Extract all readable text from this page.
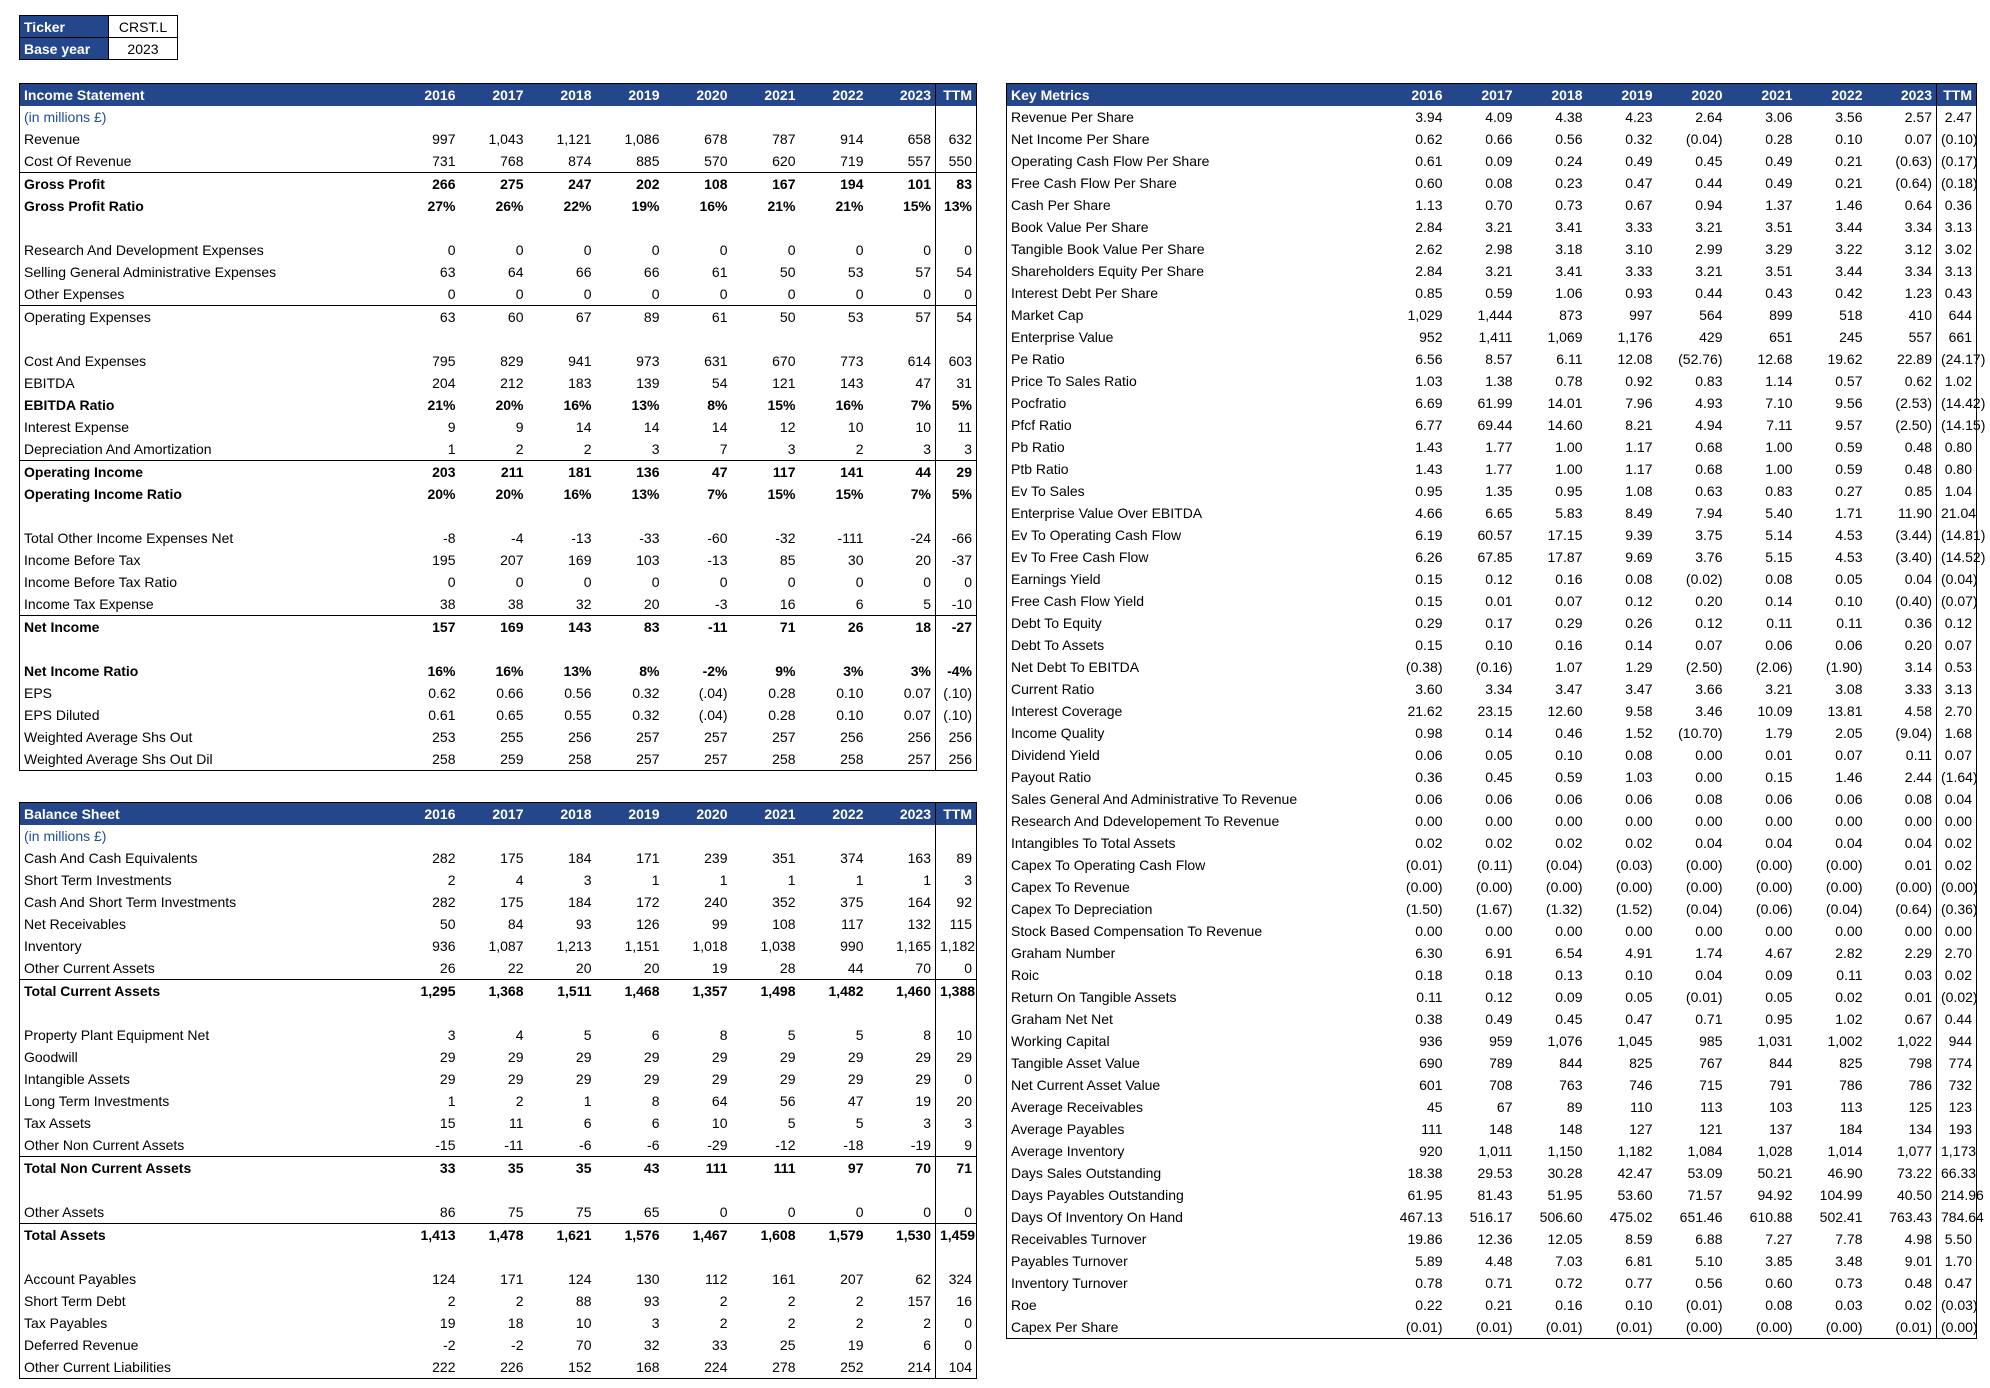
Ticker	CRST.L
Base year	2023
Income Statement	2016	2017	2018	2019	2020	2021	2022	2023	TTM
(in millions £)									
Revenue	997	1,043	1,121	1,086	678	787	914	658	632
Cost Of Revenue	731	768	874	885	570	620	719	557	550
Gross Profit	266	275	247	202	108	167	194	101	83
Gross Profit Ratio	27%	26%	22%	19%	16%	21%	21%	15%	13%

Research And Development Expenses	0	0	0	0	0	0	0	0	0
Selling General Administrative Expenses	63	64	66	66	61	50	53	57	54
Other Expenses	0	0	0	0	0	0	0	0	0
Operating Expenses	63	60	67	89	61	50	53	57	54

Cost And Expenses	795	829	941	973	631	670	773	614	603
EBITDA	204	212	183	139	54	121	143	47	31
EBITDA Ratio	21%	20%	16%	13%	8%	15%	16%	7%	5%
Interest Expense	9	9	14	14	14	12	10	10	11
Depreciation And Amortization	1	2	2	3	7	3	2	3	3
Operating Income	203	211	181	136	47	117	141	44	29
Operating Income Ratio	20%	20%	16%	13%	7%	15%	15%	7%	5%

Total Other Income Expenses Net	-8	-4	-13	-33	-60	-32	-111	-24	-66
Income Before Tax	195	207	169	103	-13	85	30	20	-37
Income Before Tax Ratio	0	0	0	0	0	0	0	0	0
Income Tax Expense	38	38	32	20	-3	16	6	5	-10
Net Income	157	169	143	83	-11	71	26	18	-27

Net Income Ratio	16%	16%	13%	8%	-2%	9%	3%	3%	-4%
EPS	0.62	0.66	0.56	0.32	(.04)	0.28	0.10	0.07	(.10)
EPS Diluted	0.61	0.65	0.55	0.32	(.04)	0.28	0.10	0.07	(.10)
Weighted Average Shs Out	253	255	256	257	257	257	256	256	256
Weighted Average Shs Out Dil	258	259	258	257	257	258	258	257	256
Balance Sheet	2016	2017	2018	2019	2020	2021	2022	2023	TTM
(in millions £)									
Cash And Cash Equivalents	282	175	184	171	239	351	374	163	89
Short Term Investments	2	4	3	1	1	1	1	1	3
Cash And Short Term Investments	282	175	184	172	240	352	375	164	92
Net Receivables	50	84	93	126	99	108	117	132	115
Inventory	936	1,087	1,213	1,151	1,018	1,038	990	1,165	1,182
Other Current Assets	26	22	20	20	19	28	44	70	0
Total Current Assets	1,295	1,368	1,511	1,468	1,357	1,498	1,482	1,460	1,388

Property Plant Equipment Net	3	4	5	6	8	5	5	8	10
Goodwill	29	29	29	29	29	29	29	29	29
Intangible Assets	29	29	29	29	29	29	29	29	0
Long Term Investments	1	2	1	8	64	56	47	19	20
Tax Assets	15	11	6	6	10	5	5	3	3
Other Non Current Assets	-15	-11	-6	-6	-29	-12	-18	-19	9
Total Non Current Assets	33	35	35	43	111	111	97	70	71

Other Assets	86	75	75	65	0	0	0	0	0
Total Assets	1,413	1,478	1,621	1,576	1,467	1,608	1,579	1,530	1,459

Account Payables	124	171	124	130	112	161	207	62	324
Short Term Debt	2	2	88	93	2	2	2	157	16
Tax Payables	19	18	10	3	2	2	2	2	0
Deferred Revenue	-2	-2	70	32	33	25	19	6	0
Other Current Liabilities	222	226	152	168	224	278	252	214	104
Key Metrics	2016	2017	2018	2019	2020	2021	2022	2023	TTM
Revenue Per Share	3.94	4.09	4.38	4.23	2.64	3.06	3.56	2.57	2.47
Net Income Per Share	0.62	0.66	0.56	0.32	(0.04)	0.28	0.10	0.07	(0.10)
Operating Cash Flow Per Share	0.61	0.09	0.24	0.49	0.45	0.49	0.21	(0.63)	(0.17)
Free Cash Flow Per Share	0.60	0.08	0.23	0.47	0.44	0.49	0.21	(0.64)	(0.18)
Cash Per Share	1.13	0.70	0.73	0.67	0.94	1.37	1.46	0.64	0.36
Book Value Per Share	2.84	3.21	3.41	3.33	3.21	3.51	3.44	3.34	3.13
Tangible Book Value Per Share	2.62	2.98	3.18	3.10	2.99	3.29	3.22	3.12	3.02
Shareholders Equity Per Share	2.84	3.21	3.41	3.33	3.21	3.51	3.44	3.34	3.13
Interest Debt Per Share	0.85	0.59	1.06	0.93	0.44	0.43	0.42	1.23	0.43
Market Cap	1,029	1,444	873	997	564	899	518	410	644
Enterprise Value	952	1,411	1,069	1,176	429	651	245	557	661
Pe Ratio	6.56	8.57	6.11	12.08	(52.76)	12.68	19.62	22.89	(24.17)
Price To Sales Ratio	1.03	1.38	0.78	0.92	0.83	1.14	0.57	0.62	1.02
Pocfratio	6.69	61.99	14.01	7.96	4.93	7.10	9.56	(2.53)	(14.42)
Pfcf Ratio	6.77	69.44	14.60	8.21	4.94	7.11	9.57	(2.50)	(14.15)
Pb Ratio	1.43	1.77	1.00	1.17	0.68	1.00	0.59	0.48	0.80
Ptb Ratio	1.43	1.77	1.00	1.17	0.68	1.00	0.59	0.48	0.80
Ev To Sales	0.95	1.35	0.95	1.08	0.63	0.83	0.27	0.85	1.04
Enterprise Value Over EBITDA	4.66	6.65	5.83	8.49	7.94	5.40	1.71	11.90	21.04
Ev To Operating Cash Flow	6.19	60.57	17.15	9.39	3.75	5.14	4.53	(3.44)	(14.81)
Ev To Free Cash Flow	6.26	67.85	17.87	9.69	3.76	5.15	4.53	(3.40)	(14.52)
Earnings Yield	0.15	0.12	0.16	0.08	(0.02)	0.08	0.05	0.04	(0.04)
Free Cash Flow Yield	0.15	0.01	0.07	0.12	0.20	0.14	0.10	(0.40)	(0.07)
Debt To Equity	0.29	0.17	0.29	0.26	0.12	0.11	0.11	0.36	0.12
Debt To Assets	0.15	0.10	0.16	0.14	0.07	0.06	0.06	0.20	0.07
Net Debt To EBITDA	(0.38)	(0.16)	1.07	1.29	(2.50)	(2.06)	(1.90)	3.14	0.53
Current Ratio	3.60	3.34	3.47	3.47	3.66	3.21	3.08	3.33	3.13
Interest Coverage	21.62	23.15	12.60	9.58	3.46	10.09	13.81	4.58	2.70
Income Quality	0.98	0.14	0.46	1.52	(10.70)	1.79	2.05	(9.04)	1.68
Dividend Yield	0.06	0.05	0.10	0.08	0.00	0.01	0.07	0.11	0.07
Payout Ratio	0.36	0.45	0.59	1.03	0.00	0.15	1.46	2.44	(1.64)
Sales General And Administrative To Revenue	0.06	0.06	0.06	0.06	0.08	0.06	0.06	0.08	0.04
Research And Ddevelopement To Revenue	0.00	0.00	0.00	0.00	0.00	0.00	0.00	0.00	0.00
Intangibles To Total Assets	0.02	0.02	0.02	0.02	0.04	0.04	0.04	0.04	0.02
Capex To Operating Cash Flow	(0.01)	(0.11)	(0.04)	(0.03)	(0.00)	(0.00)	(0.00)	0.01	0.02
Capex To Revenue	(0.00)	(0.00)	(0.00)	(0.00)	(0.00)	(0.00)	(0.00)	(0.00)	(0.00)
Capex To Depreciation	(1.50)	(1.67)	(1.32)	(1.52)	(0.04)	(0.06)	(0.04)	(0.64)	(0.36)
Stock Based Compensation To Revenue	0.00	0.00	0.00	0.00	0.00	0.00	0.00	0.00	0.00
Graham Number	6.30	6.91	6.54	4.91	1.74	4.67	2.82	2.29	2.70
Roic	0.18	0.18	0.13	0.10	0.04	0.09	0.11	0.03	0.02
Return On Tangible Assets	0.11	0.12	0.09	0.05	(0.01)	0.05	0.02	0.01	(0.02)
Graham Net Net	0.38	0.49	0.45	0.47	0.71	0.95	1.02	0.67	0.44
Working Capital	936	959	1,076	1,045	985	1,031	1,002	1,022	944
Tangible Asset Value	690	789	844	825	767	844	825	798	774
Net Current Asset Value	601	708	763	746	715	791	786	786	732
Average Receivables	45	67	89	110	113	103	113	125	123
Average Payables	111	148	148	127	121	137	184	134	193
Average Inventory	920	1,011	1,150	1,182	1,084	1,028	1,014	1,077	1,173
Days Sales Outstanding	18.38	29.53	30.28	42.47	53.09	50.21	46.90	73.22	66.33
Days Payables Outstanding	61.95	81.43	51.95	53.60	71.57	94.92	104.99	40.50	214.96
Days Of Inventory On Hand	467.13	516.17	506.60	475.02	651.46	610.88	502.41	763.43	784.64
Receivables Turnover	19.86	12.36	12.05	8.59	6.88	7.27	7.78	4.98	5.50
Payables Turnover	5.89	4.48	7.03	6.81	5.10	3.85	3.48	9.01	1.70
Inventory Turnover	0.78	0.71	0.72	0.77	0.56	0.60	0.73	0.48	0.47
Roe	0.22	0.21	0.16	0.10	(0.01)	0.08	0.03	0.02	(0.03)
Capex Per Share	(0.01)	(0.01)	(0.01)	(0.01)	(0.00)	(0.00)	(0.00)	(0.01)	(0.00)
